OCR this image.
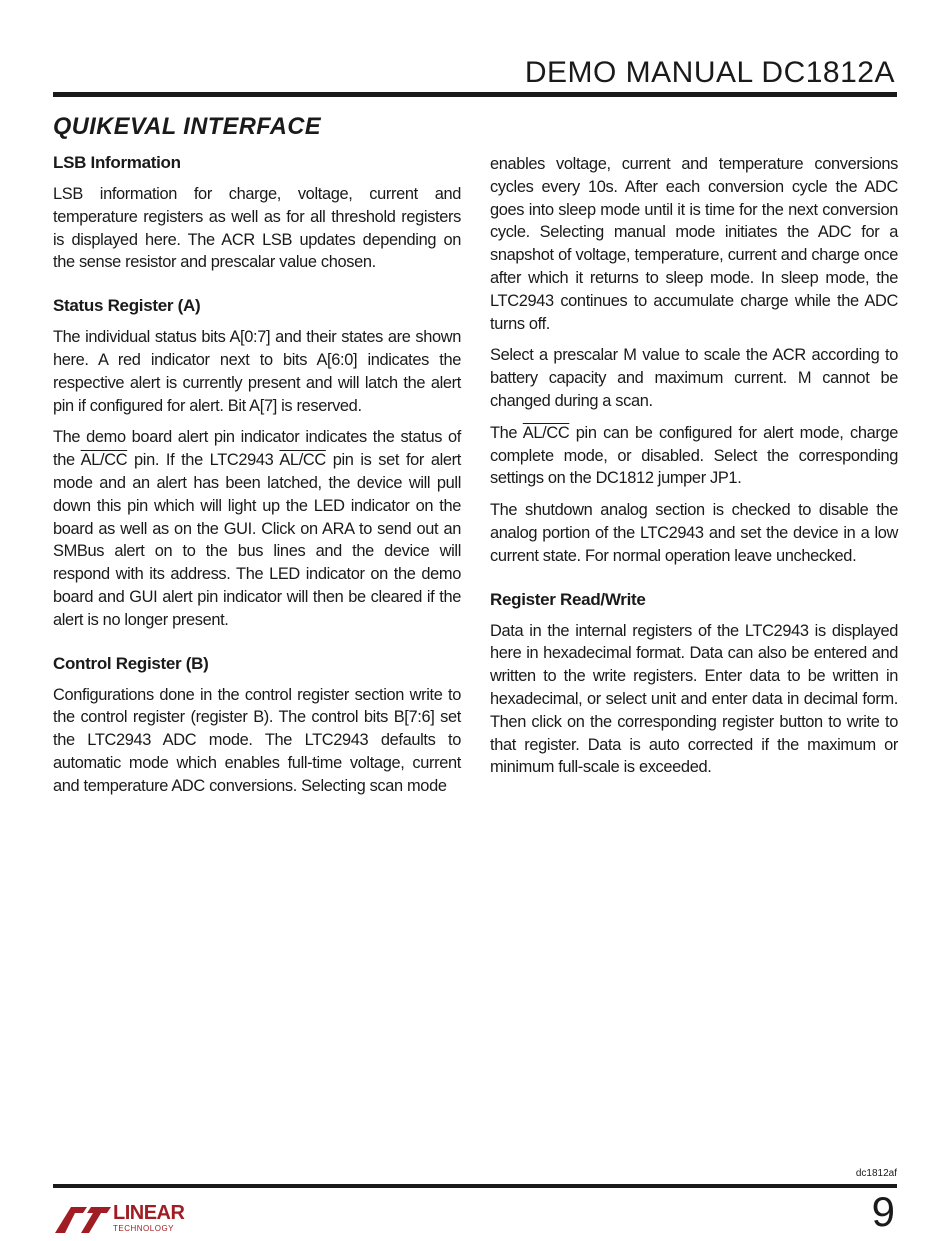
DEMO MANUAL DC1812A
QUIKEVAL INTERFACE
LSB Information

LSB information for charge, voltage, current and temperature registers as well as for all threshold registers is displayed here. The ACR LSB updates depending on the sense resistor and prescalar value chosen.

Status Register (A)

The individual status bits A[0:7] and their states are shown here. A red indicator next to bits A[6:0] indicates the respective alert is currently present and will latch the alert pin if configured for alert. Bit A[7] is reserved.

The demo board alert pin indicator indicates the status of the AL/CC pin. If the LTC2943 AL/CC pin is set for alert mode and an alert has been latched, the device will pull down this pin which will light up the LED indicator on the board as well as on the GUI. Click on ARA to send out an SMBus alert on to the bus lines and the device will respond with its address. The LED indicator on the demo board and GUI alert pin indicator will then be cleared if the alert is no longer present.

Control Register (B)

Configurations done in the control register section write to the control register (register B). The control bits B[7:6] set the LTC2943 ADC mode. The LTC2943 defaults to automatic mode which enables full-time voltage, current and temperature ADC conversions. Selecting scan mode

enables voltage, current and temperature conversions cycles every 10s. After each conversion cycle the ADC goes into sleep mode until it is time for the next conversion cycle. Selecting manual mode initiates the ADC for a snapshot of voltage, temperature, current and charge once after which it returns to sleep mode. In sleep mode, the LTC2943 continues to accumulate charge while the ADC turns off.

Select a prescalar M value to scale the ACR according to battery capacity and maximum current. M cannot be changed during a scan.

The AL/CC pin can be configured for alert mode, charge complete mode, or disabled. Select the corresponding settings on the DC1812 jumper JP1.

The shutdown analog section is checked to disable the analog portion of the LTC2943 and set the device in a low current state. For normal operation leave unchecked.

Register Read/Write

Data in the internal registers of the LTC2943 is displayed here in hexadecimal format. Data can also be entered and written to the write registers. Enter data to be written in hexadecimal, or select unit and enter data in decimal form. Then click on the corresponding register button to write to that register. Data is auto corrected if the maximum or minimum full-scale is exceeded.

dc1812af
LINEAR
TECHNOLOGY	9
